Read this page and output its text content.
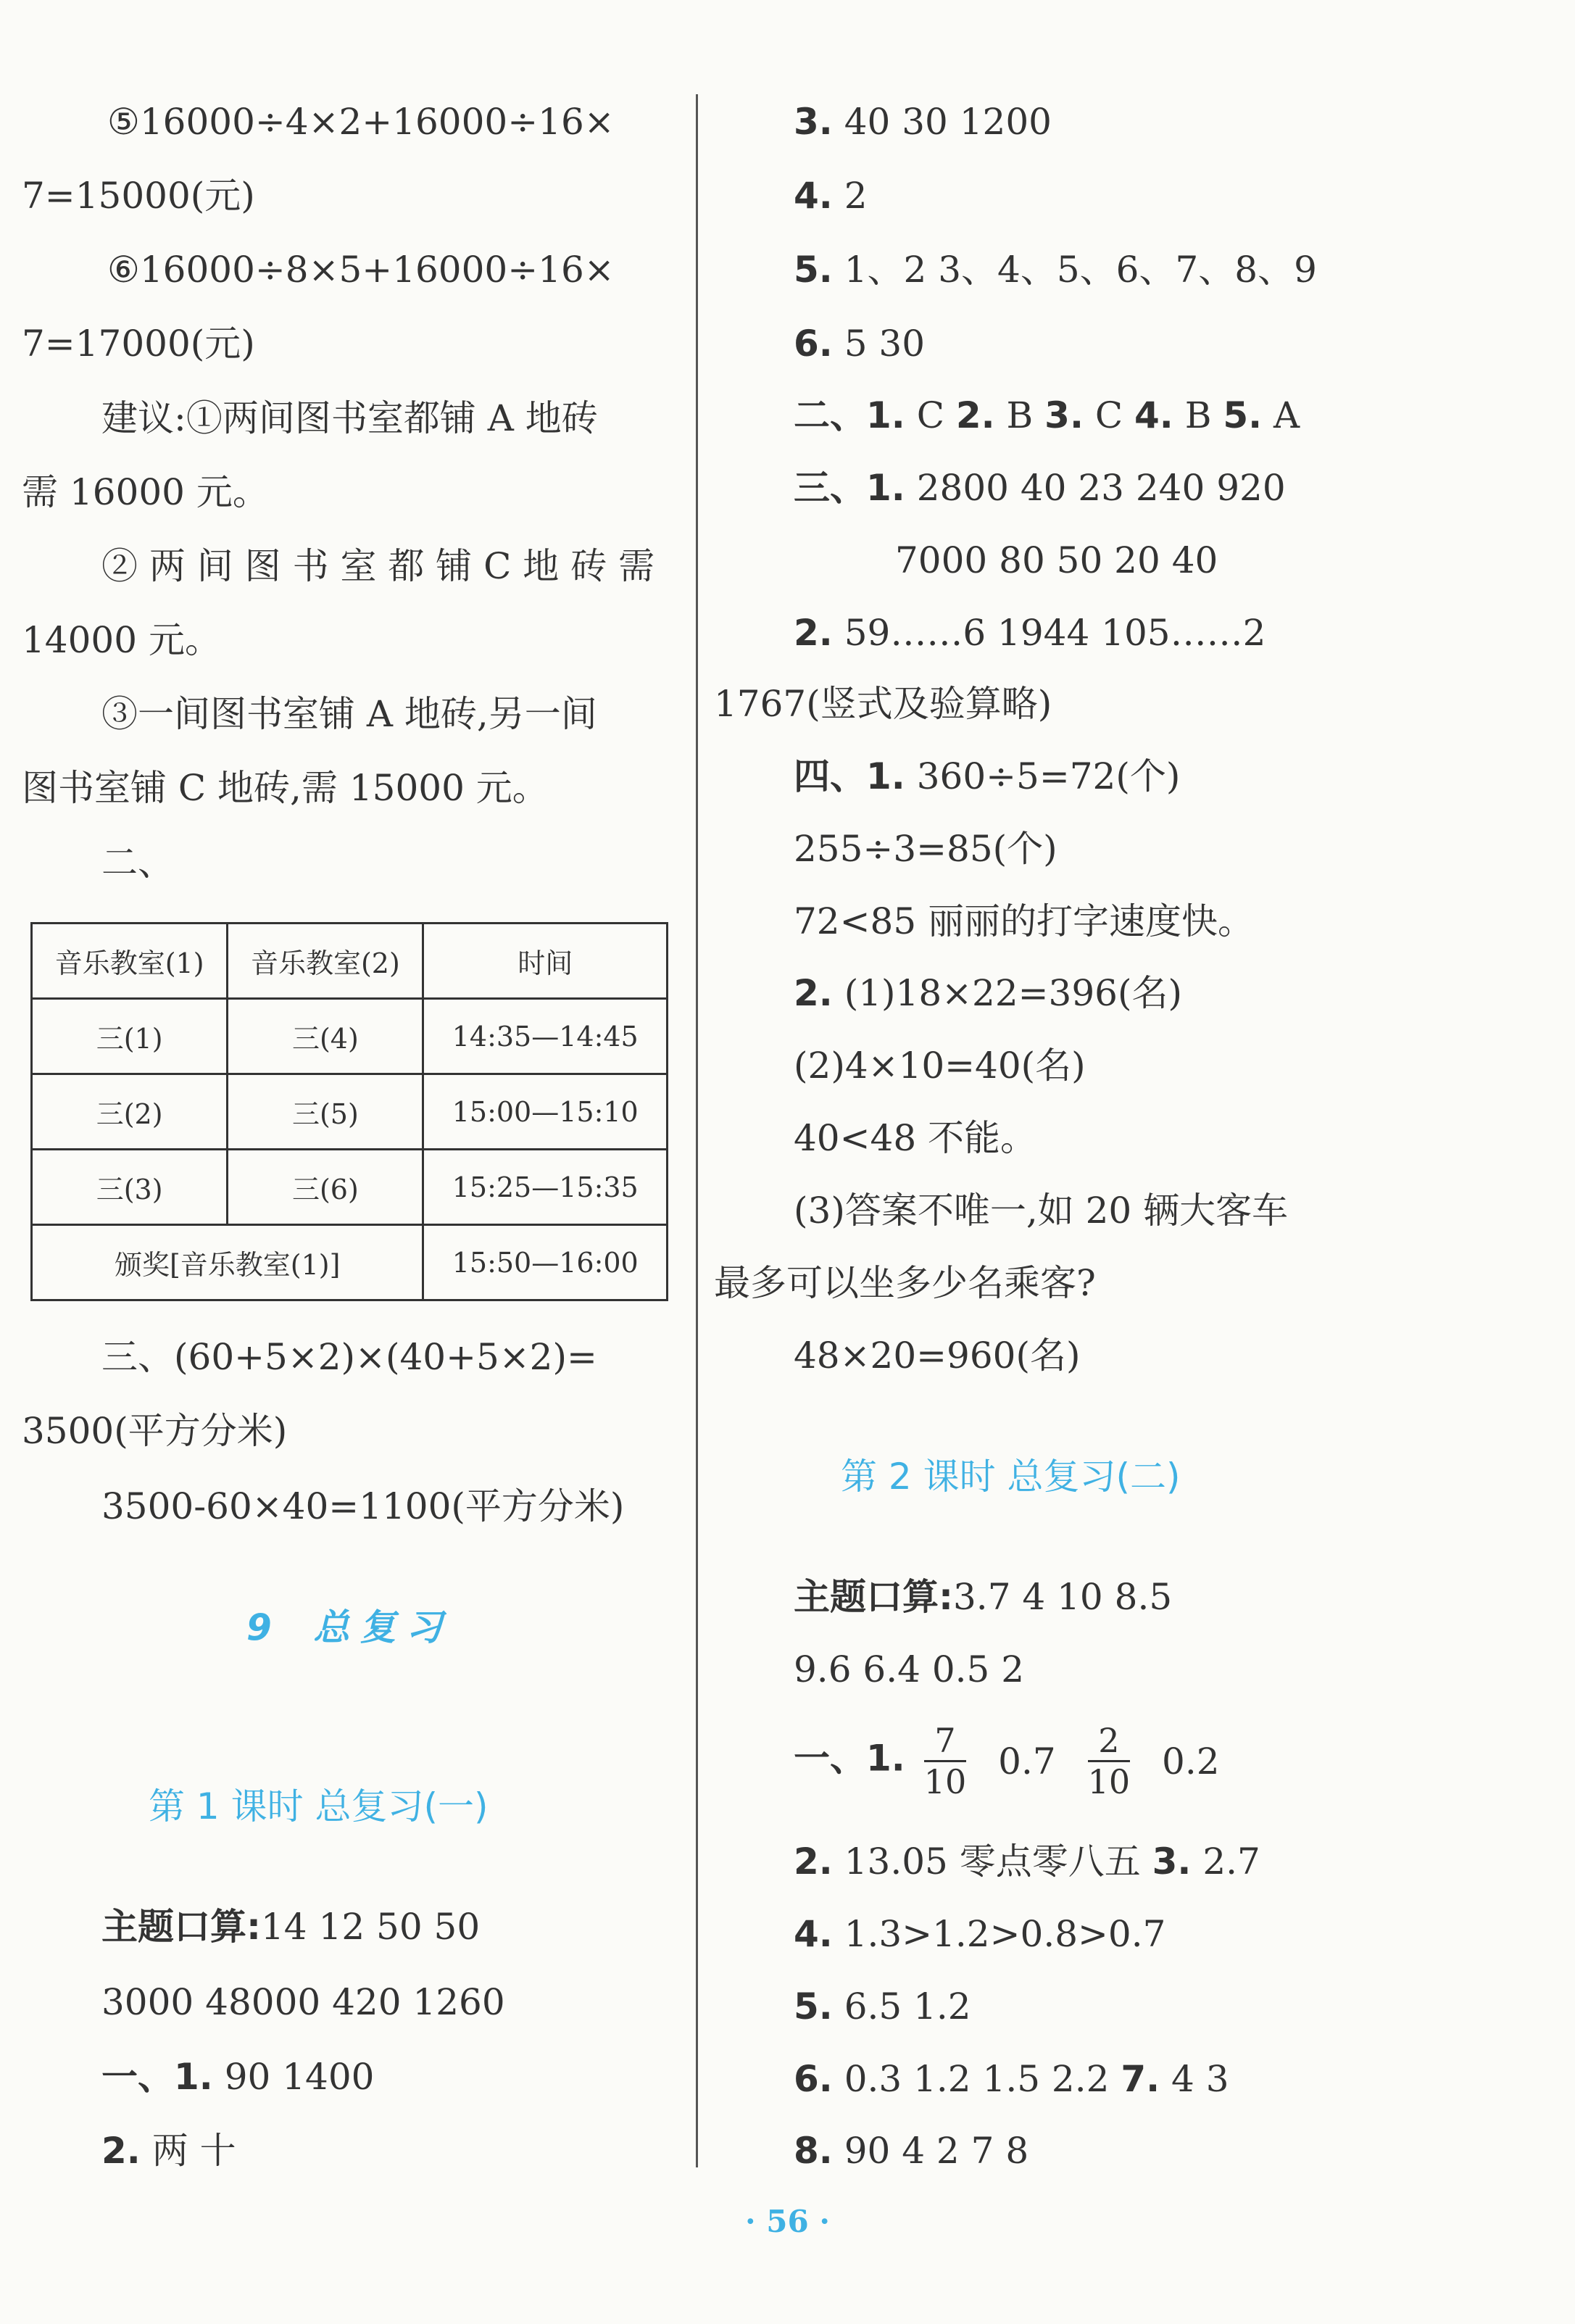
⑤16000÷4×2+16000÷16×
7=15000(元)
⑥16000÷8×5+16000÷16×
7=17000(元)
建议:①两间图书室都铺 A 地砖
需 16000 元。
② 两 间 图 书 室 都 铺 C 地 砖 需
14000 元。
③一间图书室铺 A 地砖,另一间
图书室铺 C 地砖,需 15000 元。
二、
音乐教室(1)	音乐教室(2)	时间
三(1)	三(4)	14:35—14:45
三(2)	三(5)	15:00—15:10
三(3)	三(6)	15:25—15:35
颁奖[音乐教室(1)]		15:50—16:00
三、(60+5×2)×(40+5×2)=
3500(平方分米)
3500-60×40=1100(平方分米)
9 总复习
第 1 课时 总复习(一)
主题口算:14 12 50 50
3000 48000 420 1260
一、1. 90 1400
2. 两 十
3. 40 30 1200
4. 2
5. 1、2 3、4、5、6、7、8、9
6. 5 30
二、1. C 2. B 3. C 4. B 5. A
三、1. 2800 40 23 240 920
7000 80 50 20 40
2. 59……6 1944 105……2
1767(竖式及验算略)
四、1. 360÷5=72(个)
255÷3=85(个)
72<85 丽丽的打字速度快。
2. (1)18×22=396(名)
(2)4×10=40(名)
40<48 不能。
(3)答案不唯一,如 20 辆大客车
最多可以坐多少名乘客?
48×20=960(名)
第 2 课时 总复习(二)
主题口算:3.7 4 10 8.5
9.6 6.4 0.5 2
一、1. $\frac{7}{10} 0.7 \frac{2}{10} 0.2$
2. 13.05 零点零八五 3. 2.7
4. 1.3>1.2>0.8>0.7
5. 6.5 1.2
6. 0.3 1.2 1.5 2.2 7. 4 3
8. 90 4 2 7 8
· 56 ·
